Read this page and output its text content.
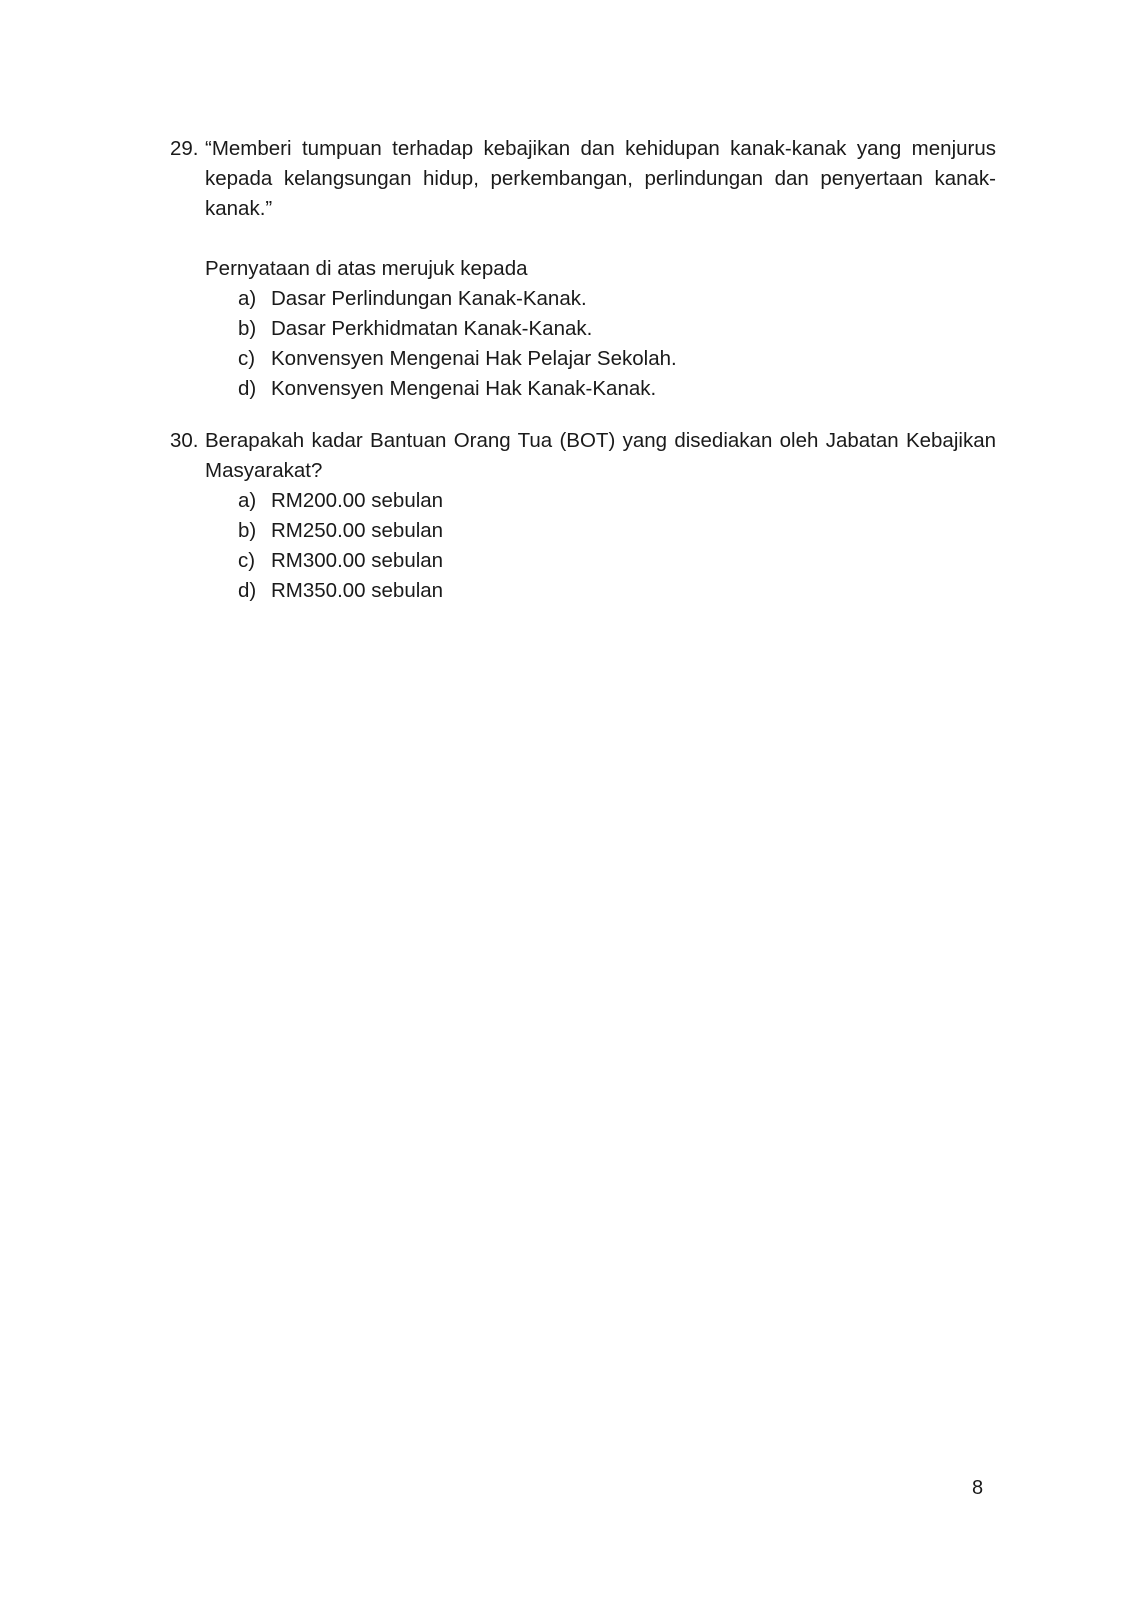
29. “Memberi tumpuan terhadap kebajikan dan kehidupan kanak-kanak yang menjurus kepada kelangsungan hidup, perkembangan, perlindungan dan penyertaan kanak-kanak.”
Pernyataan di atas merujuk kepada
a) Dasar Perlindungan Kanak-Kanak.
b) Dasar Perkhidmatan Kanak-Kanak.
c) Konvensyen Mengenai Hak Pelajar Sekolah.
d) Konvensyen Mengenai Hak Kanak-Kanak.
30. Berapakah kadar Bantuan Orang Tua (BOT) yang disediakan oleh Jabatan Kebajikan Masyarakat?
a) RM200.00 sebulan
b) RM250.00 sebulan
c) RM300.00 sebulan
d) RM350.00 sebulan
8
